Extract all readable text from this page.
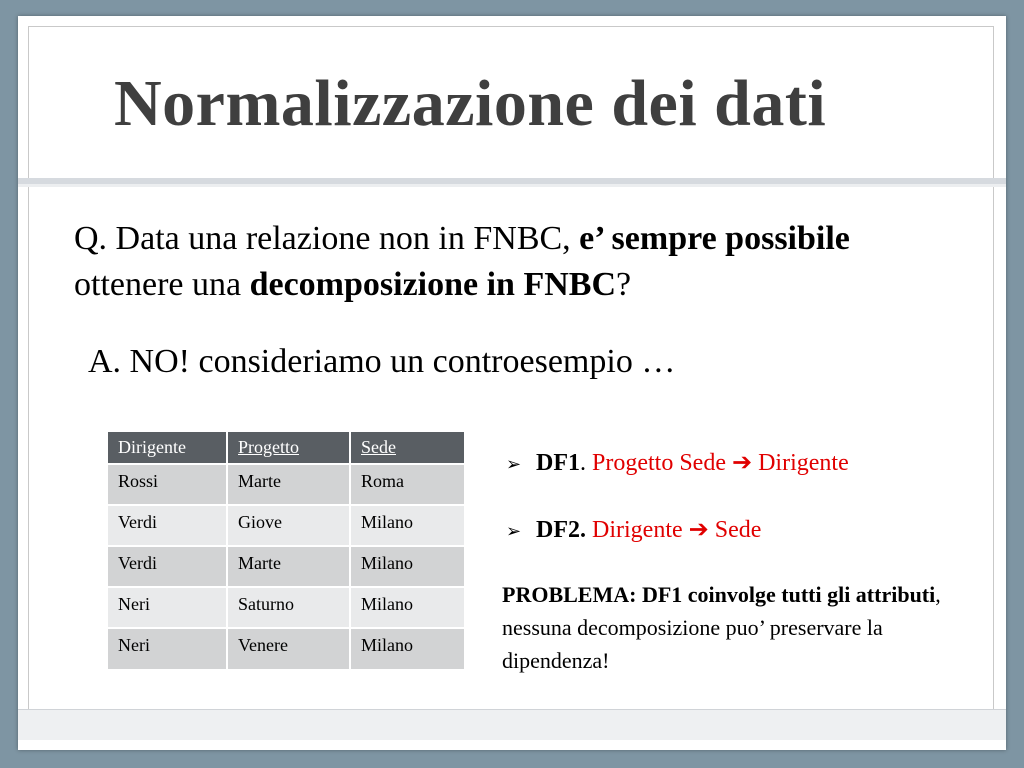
Normalizzazione dei dati
Q. Data una relazione non in FNBC, e’ sempre possibile ottenere una decomposizione in FNBC?
A. NO! consideriamo un controesempio …
Dirigente	Progetto	Sede
Rossi	Marte	Roma
Verdi	Giove	Milano
Verdi	Marte	Milano
Neri	Saturno	Milano
Neri	Venere	Milano
➢ DF1. Progetto Sede ➔ Dirigente
➢ DF2. Dirigente ➔ Sede
PROBLEMA: DF1 coinvolge tutti gli attributi, nessuna decomposizione puo’ preservare la dipendenza!
